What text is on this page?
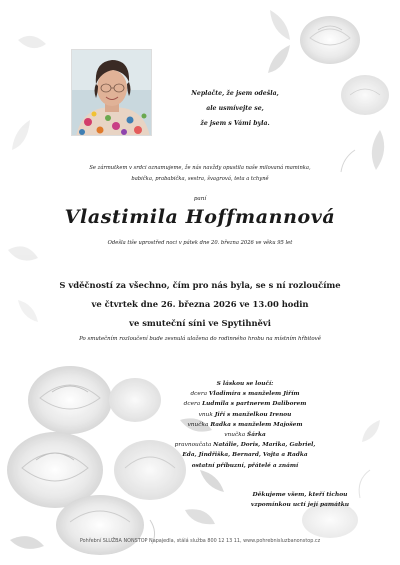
Neplačte, že jsem odešla,
ale usmívejte se,
že jsem s Vámi byla.
Se zármutkem v srdci oznamujeme, že nás navždy opustila naše milovaná maminka,
babička, prababička, sestra, švagrová, teta a tchyně
paní
Vlastimila Hoffmannová
Odešla tiše uprostřed noci v pátek dne 20. března 2026 ve věku 95 let
S vděčností za všechno, čím pro nás byla, se s ní rozloučíme
ve čtvrtek dne 26. března 2026 ve 13.00 hodin
ve smuteční síni ve Spytihněvi
Po smutečním rozloučení bude zesnulá uložena do rodinného hrobu na místním hřbitově
S láskou se loučí:
dcera Vladimíra s manželem Jiřím
dcera Ludmila s partnerem Daliborem
vnuk Jiří s manželkou Irenou
vnučka Radka s manželem Majošem
vnučka Šárka
pravnoučata Natálie, Doris, Marika, Gabriel,
Eda, Jindřiška, Bernard, Vojta a Radka
ostatní příbuzní, přátelé a známí
Děkujeme všem, kteří tichou
vzpomínkou uctí její památku
Pohřební SLUŽBA NONSTOP Napajedla, stálá služba 800 12 13 11, www.pohrebnisluzbanonstop.cz
